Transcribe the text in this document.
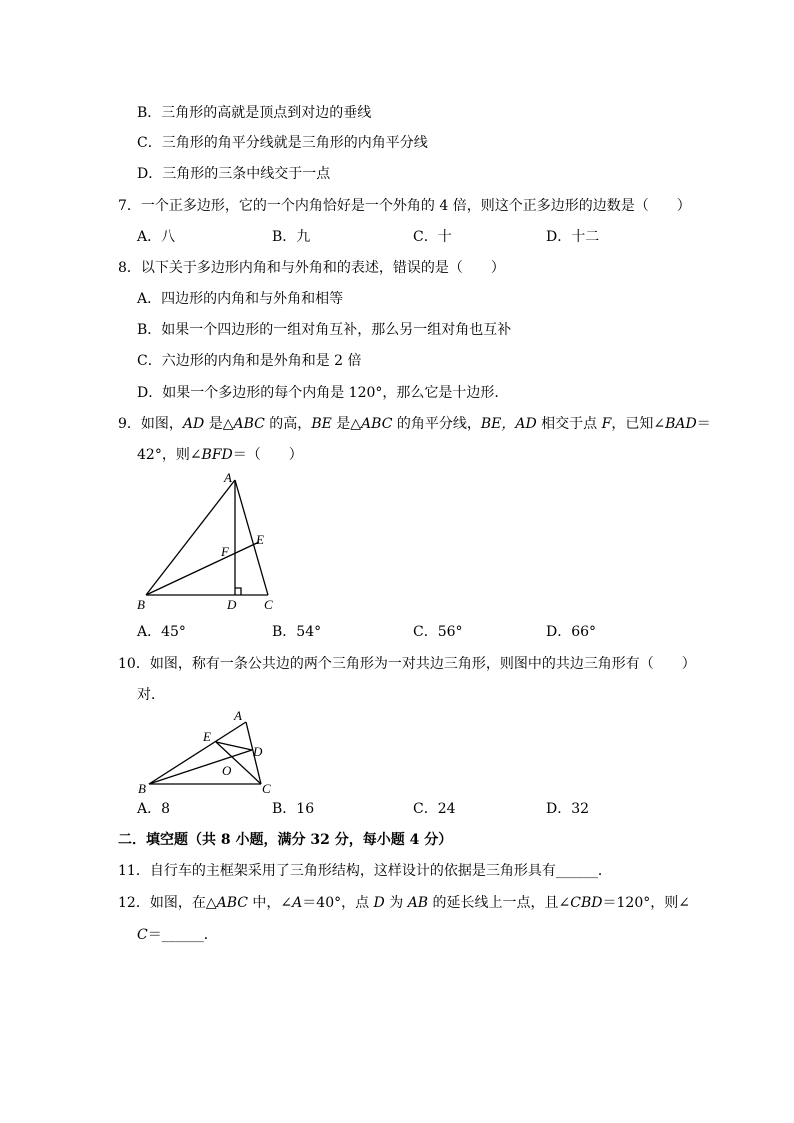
B．三角形的高就是顶点到对边的垂线
C．三角形的角平分线就是三角形的内角平分线
D．三角形的三条中线交于一点
7．一个正多边形，它的一个内角恰好是一个外角的 4 倍，则这个正多边形的边数是（　　）
A．八	B．九	C．十	D．十二
8．以下关于多边形内角和与外角和的表述，错误的是（　　）
A．四边形的内角和与外角和相等
B．如果一个四边形的一组对角互补，那么另一组对角也互补
C．六边形的内角和是外角和是 2 倍
D．如果一个多边形的每个内角是 120°，那么它是十边形.
9．如图，AD 是△ABC 的高，BE 是△ABC 的角平分线，BE，AD 相交于点 F，已知∠BAD＝
42°，则∠BFD＝（　　）
A
B	C
D
E
F
A．45°	B．54°	C．56°	D．66°
10．如图，称有一条公共边的两个三角形为一对共边三角形，则图中的共边三角形有（　　）
对．
A
B	C
D
E
O
A．8	B．16	C．24	D．32
二．填空题（共 8 小题，满分 32 分，每小题 4 分）
11．自行车的主框架采用了三角形结构，这样设计的依据是三角形具有______．
12．如图，在△ABC 中，∠A＝40°，点 D 为 AB 的延长线上一点，且∠CBD＝120°，则∠
C＝______．
